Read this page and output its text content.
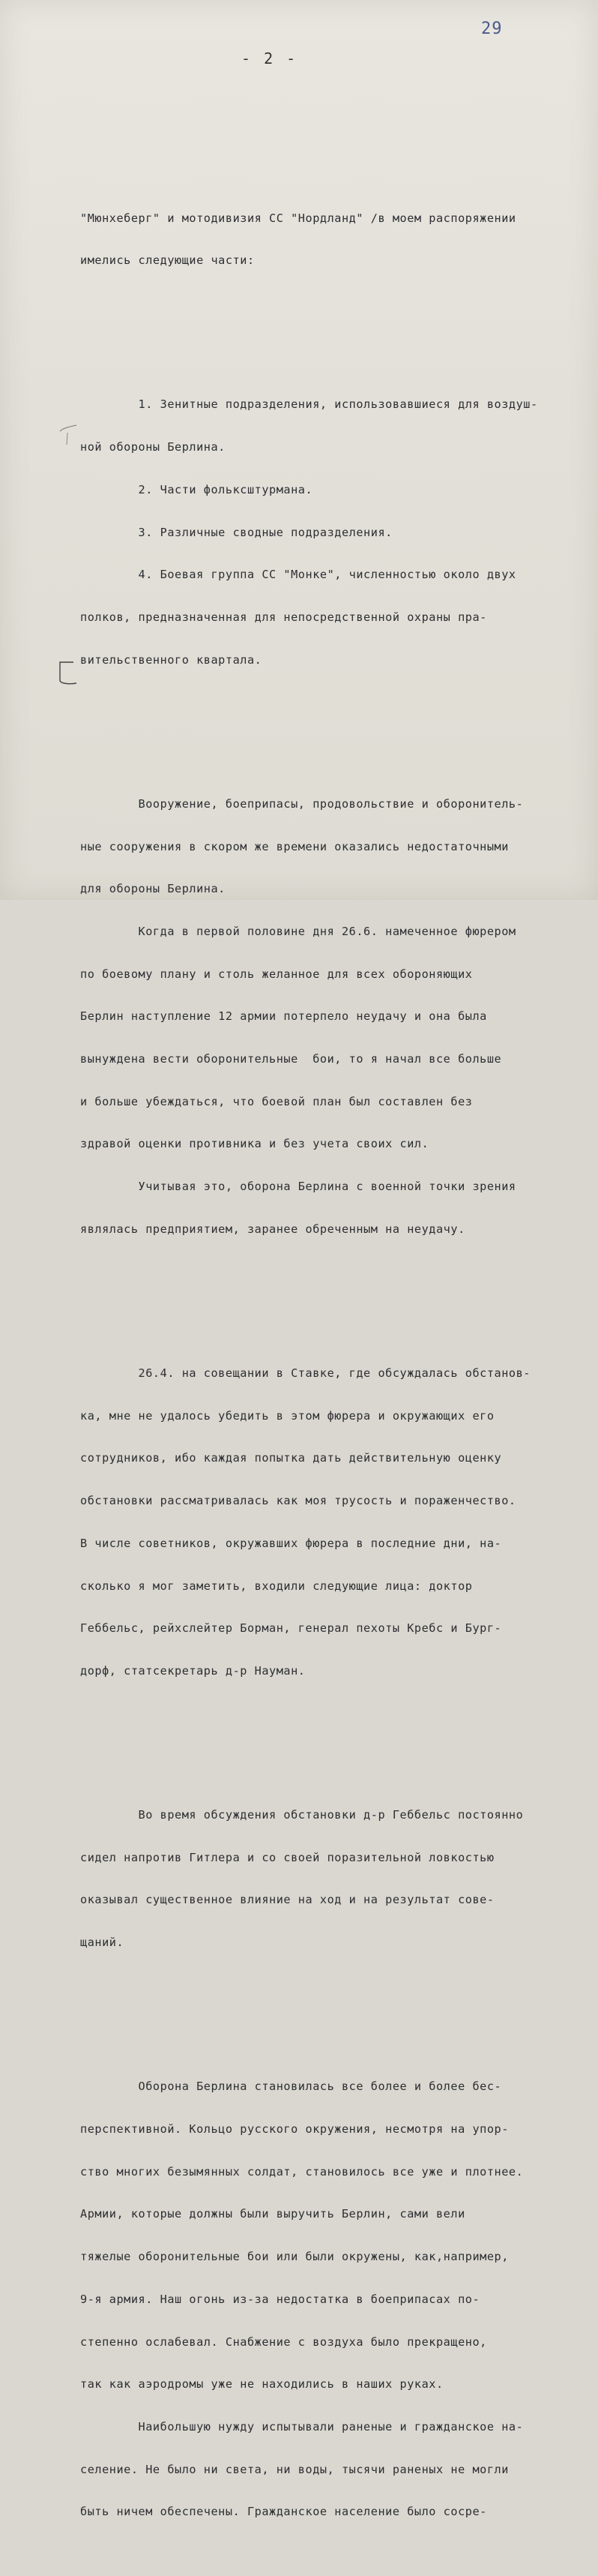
29
- 2 -

"Мюнхеберг" и мотодивизия СС "Нордланд" /в моем распоряжении

имелись следующие части:

1. Зенитные подразделения, использовавшиеся для воздуш-

ной обороны Берлина.

2. Части фольксштурмана.

3. Различные сводные подразделения.

4. Боевая группа СС "Монке", численностью около двух

полков, предназначенная для непосредственной охраны пра-

вительственного квартала.

Вооружение, боеприпасы, продовольствие и оборонитель-

ные сооружения в скором же времени оказались недостаточными

для обороны Берлина.

Когда в первой половине дня 26.6. намеченное фюрером

по боевому плану и столь желанное для всех обороняющих

Берлин наступление 12 армии потерпело неудачу и она была

вынуждена вести оборонительные  бои, то я начал все больше

и больше убеждаться, что боевой план был составлен без

здравой оценки противника и без учета своих сил.

Учитывая это, оборона Берлина с военной точки зрения

являлась предприятием, заранее обреченным на неудачу.

26.4. на совещании в Ставке, где обсуждалась обстанов-

ка, мне не удалось убедить в этом фюрера и окружающих его

сотрудников, ибо каждая попытка дать действительную оценку

обстановки рассматривалась как моя трусость и пораженчество.

В числе советников, окружавших фюрера в последние дни, на-

сколько я мог заметить, входили следующие лица: доктор

Геббельс, рейхслейтер Борман, генерал пехоты Кребс и Бург-

дорф, статсекретарь д-р Науман.

Во время обсуждения обстановки д-р Геббельс постоянно

сидел напротив Гитлера и со своей поразительной ловкостью

оказывал существенное влияние на ход и на результат сове-

щаний.

Оборона Берлина становилась все более и более бес-

перспективной. Кольцо русского окружения, несмотря на упор-

ство многих безымянных солдат, становилось все уже и плотнее.

Армии, которые должны были выручить Берлин, сами вели

тяжелые оборонительные бои или были окружены, как,например,

9-я армия. Наш огонь из-за недостатка в боеприпасах по-

степенно ослабевал. Снабжение с воздуха было прекращено,

так как аэродромы уже не находились в наших руках.

Наибольшую нужду испытывали раненые и гражданское на-

селение. Не было ни света, ни воды, тысячи раненых не могли

быть ничем обеспечены. Гражданское население было сосре-
